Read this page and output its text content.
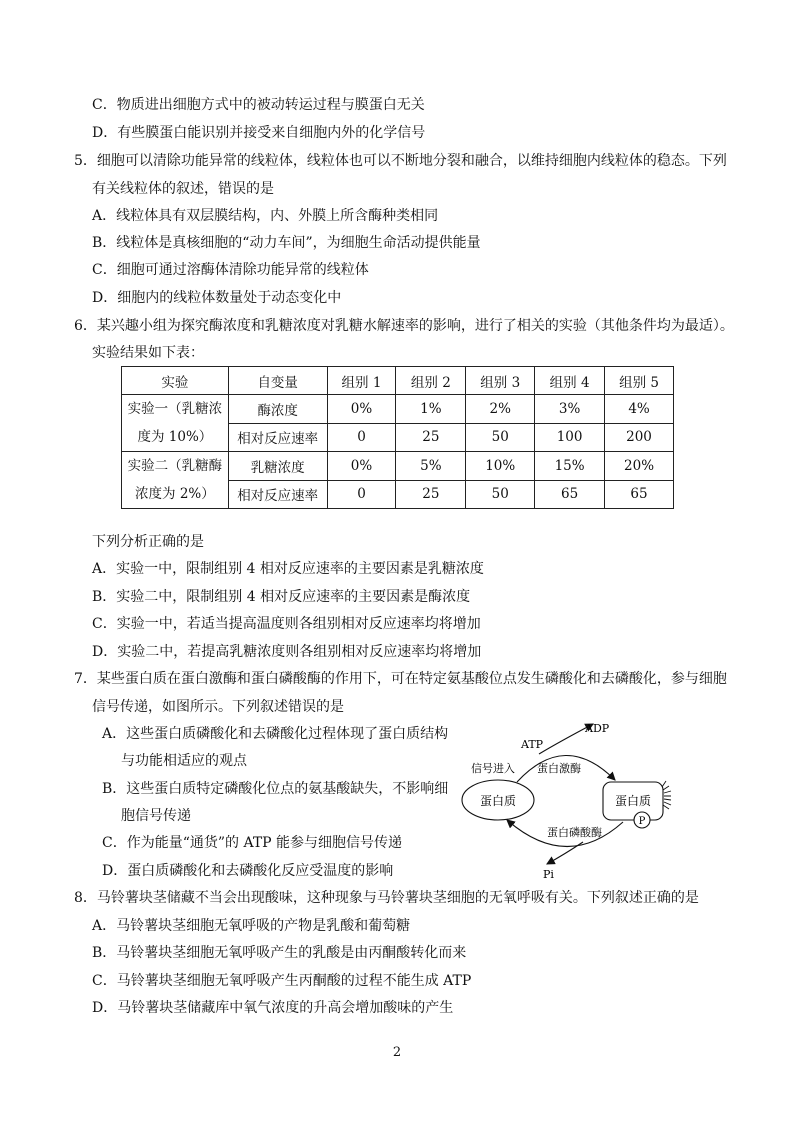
C．物质进出细胞方式中的被动转运过程与膜蛋白无关
D．有些膜蛋白能识别并接受来自细胞内外的化学信号
5．细胞可以清除功能异常的线粒体，线粒体也可以不断地分裂和融合，以维持细胞内线粒体的稳态。下列
有关线粒体的叙述，错误的是
A．线粒体具有双层膜结构，内、外膜上所含酶种类相同
B．线粒体是真核细胞的“动力车间”，为细胞生命活动提供能量
C．细胞可通过溶酶体清除功能异常的线粒体
D．细胞内的线粒体数量处于动态变化中
6．某兴趣小组为探究酶浓度和乳糖浓度对乳糖水解速率的影响，进行了相关的实验（其他条件均为最适）。
实验结果如下表：
实验	自变量	组别 1	组别 2	组别 3	组别 4	组别 5
实验一（乳糖浓
度为 10%）	酶浓度	0%	1%	2%	3%	4%
	相对反应速率	0	25	50	100	200
实验二（乳糖酶
浓度为 2%）	乳糖浓度	0%	5%	10%	15%	20%
	相对反应速率	0	25	50	65	65
下列分析正确的是
A．实验一中，限制组别 4 相对反应速率的主要因素是乳糖浓度
B．实验二中，限制组别 4 相对反应速率的主要因素是酶浓度
C．实验一中，若适当提高温度则各组别相对反应速率均将增加
D．实验二中，若提高乳糖浓度则各组别相对反应速率均将增加
7．某些蛋白质在蛋白激酶和蛋白磷酸酶的作用下，可在特定氨基酸位点发生磷酸化和去磷酸化，参与细胞
信号传递，如图所示。下列叙述错误的是
A．这些蛋白质磷酸化和去磷酸化过程体现了蛋白质结构
与功能相适应的观点
B．这些蛋白质特定磷酸化位点的氨基酸缺失，不影响细
胞信号传递
C．作为能量“通货”的 ATP 能参与细胞信号传递
D．蛋白质磷酸化和去磷酸化反应受温度的影响
蛋白质	蛋白质
P
ADP
ATP
信号进入 蛋白激酶
蛋白磷酸酶
Pi
8．马铃薯块茎储藏不当会出现酸味，这种现象与马铃薯块茎细胞的无氧呼吸有关。下列叙述正确的是
A．马铃薯块茎细胞无氧呼吸的产物是乳酸和葡萄糖
B．马铃薯块茎细胞无氧呼吸产生的乳酸是由丙酮酸转化而来
C．马铃薯块茎细胞无氧呼吸产生丙酮酸的过程不能生成 ATP
D．马铃薯块茎储藏库中氧气浓度的升高会增加酸味的产生
2
